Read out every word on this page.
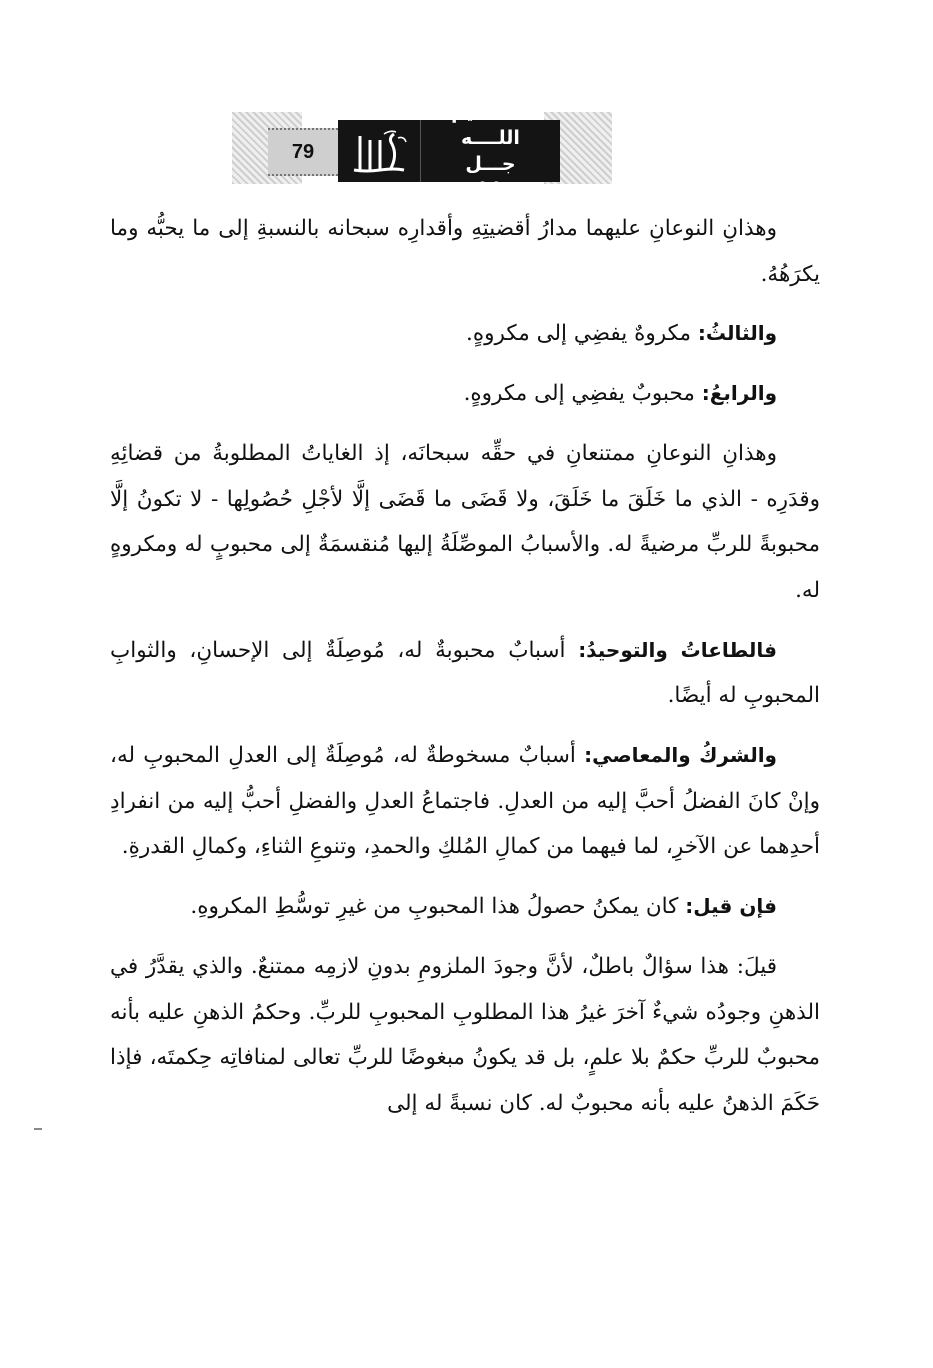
79
تعظـــيم اللــــه
جـــل جـــلالـــه

وهذانِ النوعانِ عليهما مدارُ أقضيتِهِ وأقدارِه سبحانه بالنسبةِ إلى ما يحبُّه وما يكرَهُهُ.

والثالثُ: مكروهٌ يفضِي إلى مكروهٍ.

والرابعُ: محبوبٌ يفضِي إلى مكروهٍ.

وهذانِ النوعانِ ممتنعانِ في حقِّه سبحانَه، إذ الغاياتُ المطلوبةُ من قضائِهِ وقدَرِه - الذي ما خَلَقَ ما خَلَقَ، ولا قَضَى ما قَضَى إلَّا لأجْلِ حُصُولِها - لا تكونُ إلَّا محبوبةً للربِّ مرضيةً له. والأسبابُ الموصِّلَةُ إليها مُنقسمَةٌ إلى محبوبٍ له ومكروهٍ له.

فالطاعاتُ والتوحيدُ: أسبابٌ محبوبةٌ له، مُوصِلَةٌ إلى الإحسانِ، والثوابِ المحبوبِ له أيضًا.

والشركُ والمعاصي: أسبابٌ مسخوطةٌ له، مُوصِلَةٌ إلى العدلِ المحبوبِ له، وإنْ كانَ الفضلُ أحبَّ إليه من العدلِ. فاجتماعُ العدلِ والفضلِ أحبُّ إليه من انفرادِ أحدِهما عن الآخرِ، لما فيهما من كمالِ المُلكِ والحمدِ، وتنوعِ الثناءِ، وكمالِ القدرةِ.

فإن قيل: كان يمكنُ حصولُ هذا المحبوبِ من غيرِ توسُّطِ المكروهِ.

قيلَ: هذا سؤالٌ باطلٌ، لأنَّ وجودَ الملزومِ بدونِ لازمِه ممتنعٌ. والذي يقدَّرُ في الذهنِ وجودُه شيءٌ آخرَ غيرُ هذا المطلوبِ المحبوبِ للربِّ. وحكمُ الذهنِ عليه بأنه محبوبٌ للربِّ حكمٌ بلا علمٍ، بل قد يكونُ مبغوضًا للربِّ تعالى لمنافاتِه حِكمتَه، فإذا حَكَمَ الذهنُ عليه بأنه محبوبٌ له. كان نسبةً له إلى
